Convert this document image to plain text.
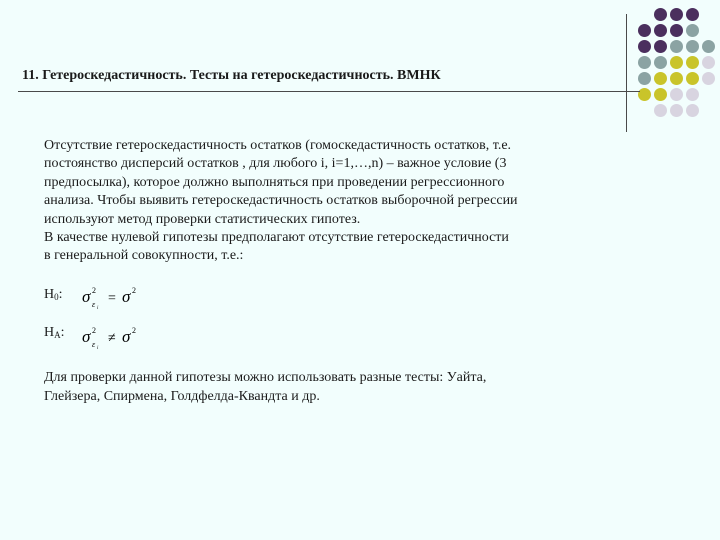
11. Гетероскедастичность. Тесты на гетероскедастичность. ВМНК

Отсутствие гетероскедастичность остатков (гомоскедастичность остатков, т.е.

постоянство дисперсий остатков , для любого i, i=1,…,n) – важное условие (3

предпосылка), которое должно выполняться при проведении регрессионного

анализа. Чтобы выявить гетероскедастичность остатков выборочной регрессии

используют метод проверки статистических гипотез.

В качестве нулевой гипотезы предполагают отсутствие гетероскедастичности

в генеральной совокупности, т.е.:

$H_0$: σ 2
ε i
= σ 2
$H_A$: σ 2
ε i
≠ σ 2

Для проверки данной гипотезы можно использовать разные тесты: Уайта,

Глейзера, Спирмена, Голдфелда-Квандта и др.
